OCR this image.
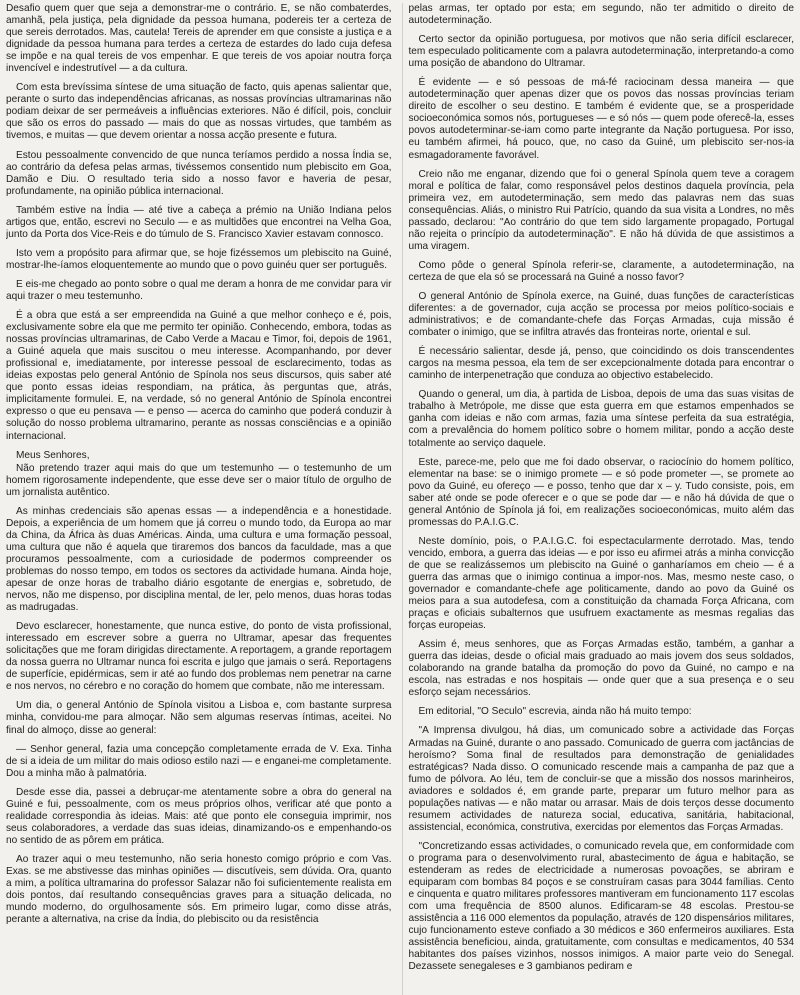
Desafio quem quer que seja a demonstrar-me o contrário. E, se não combaterdes, amanhã, pela justiça, pela dignidade da pessoa humana, podereis ter a certeza de que sereis derrotados. Mas, cautela! Tereis de aprender em que consiste a justiça e a dignidade da pessoa humana para terdes a certeza de estardes do lado cuja defesa se impõe e na qual tereis de vos empenhar. E que tereis de vos apoiar noutra força invencível e indestrutível — a da cultura.

Com esta brevíssima síntese de uma situação de facto, quis apenas salientar que, perante o surto das independências africanas, as nossas províncias ultramarinas não podiam deixar de ser permeáveis a influências exteriores. Não é difícil, pois, concluir que são os erros do passado — mais do que as nossas virtudes, que também as tivemos, e muitas — que devem orientar a nossa acção presente e futura.

Estou pessoalmente convencido de que nunca teríamos perdido a nossa Índia se, ao contrário da defesa pelas armas, tivéssemos consentido num plebiscito em Goa, Damão e Diu. O resultado teria sido a nosso favor e haveria de pesar, profundamente, na opinião pública internacional.

Também estive na Índia — até tive a cabeça a prémio na União Indiana pelos artigos que, então, escrevi no Seculo — e as multidões que encontrei na Velha Goa, junto da Porta dos Vice-Reis e do túmulo de S. Francisco Xavier estavam connosco.

Isto vem a propósito para afirmar que, se hoje fizéssemos um plebiscito na Guiné, mostrar-lhe-íamos eloquentemente ao mundo que o povo guinéu quer ser português.

E eis-me chegado ao ponto sobre o qual me deram a honra de me convidar para vir aqui trazer o meu testemunho.

É a obra que está a ser empreendida na Guiné a que melhor conheço e é, pois, exclusivamente sobre ela que me permito ter opinião. Conhecendo, embora, todas as nossas províncias ultramarinas, de Cabo Verde a Macau e Timor, foi, depois de 1961, a Guiné aquela que mais suscitou o meu interesse. Acompanhando, por dever profissional e, imediatamente, por interesse pessoal de esclarecimento, todas as ideias expostas pelo general António de Spínola nos seus discursos, quis saber até que ponto essas ideias respondiam, na prática, às perguntas que, atrás, implicitamente formulei. E, na verdade, só no general António de Spínola encontrei expresso o que eu pensava — e penso — acerca do caminho que poderá conduzir à solução do nosso problema ultramarino, perante as nossas consciências e a opinião internacional.

Meus Senhores,

Não pretendo trazer aqui mais do que um testemunho — o testemunho de um homem rigorosamente independente, que esse deve ser o maior título de orgulho de um jornalista autêntico.

As minhas credenciais são apenas essas — a independência e a honestidade. Depois, a experiência de um homem que já correu o mundo todo, da Europa ao mar da China, da África às duas Américas. Ainda, uma cultura e uma formação pessoal, uma cultura que não é aquela que tiraremos dos bancos da faculdade, mas a que procuramos pessoalmente, com a curiosidade de podermos compreender os problemas do nosso tempo, em todos os sectores da actividade humana. Ainda hoje, apesar de onze horas de trabalho diário esgotante de energias e, sobretudo, de nervos, não me dispenso, por disciplina mental, de ler, pelo menos, duas horas todas as madrugadas.

Devo esclarecer, honestamente, que nunca estive, do ponto de vista profissional, interessado em escrever sobre a guerra no Ultramar, apesar das frequentes solicitações que me foram dirigidas directamente. A reportagem, a grande reportagem da nossa guerra no Ultramar nunca foi escrita e julgo que jamais o será. Reportagens de superfície, epidérmicas, sem ir até ao fundo dos problemas nem penetrar na carne e nos nervos, no cérebro e no coração do homem que combate, não me interessam.

Um dia, o general António de Spínola visitou a Lisboa e, com bastante surpresa minha, convidou-me para almoçar. Não sem algumas reservas íntimas, aceitei. No final do almoço, disse ao general:

— Senhor general, fazia uma concepção completamente errada de V. Exa. Tinha de si a ideia de um militar do mais odioso estilo nazi — e enganei-me completamente. Dou a minha mão à palmatória.

Desde esse dia, passei a debruçar-me atentamente sobre a obra do general na Guiné e fui, pessoalmente, com os meus próprios olhos, verificar até que ponto a realidade correspondia às ideias. Mais: até que ponto ele conseguia imprimir, nos seus colaboradores, a verdade das suas ideias, dinamizando-os e empenhando-os no sentido de as pôrem em prática.

Ao trazer aqui o meu testemunho, não seria honesto comigo próprio e com Vas. Exas. se me abstivesse das minhas opiniões — discutíveis, sem dúvida. Ora, quanto a mim, a política ultramarina do professor Salazar não foi suficientemente realista em dois pontos, daí resultando consequências graves para a situação delicada, no mundo moderno, do orgulhosamente sós. Em primeiro lugar, como disse atrás, perante a alternativa, na crise da Índia, do plebiscito ou da resistência

pelas armas, ter optado por esta; em segundo, não ter admitido o direito de autodeterminação.

Certo sector da opinião portuguesa, por motivos que não seria difícil esclarecer, tem especulado politicamente com a palavra autodeterminação, interpretando-a como uma posição de abandono do Ultramar.

É evidente — e só pessoas de má-fé raciocinam dessa maneira — que autodeterminação quer apenas dizer que os povos das nossas províncias teriam direito de escolher o seu destino. E também é evidente que, se a prosperidade socioeconómica somos nós, portugueses — e só nós — quem pode oferecê-la, esses povos autodeterminar-se-iam como parte integrante da Nação portuguesa. Por isso, eu também afirmei, há pouco, que, no caso da Guiné, um plebiscito ser-nos-ia esmagadoramente favorável.

Creio não me enganar, dizendo que foi o general Spínola quem teve a coragem moral e política de falar, como responsável pelos destinos daquela província, pela primeira vez, em autodeterminação, sem medo das palavras nem das suas consequências. Aliás, o ministro Rui Patrício, quando da sua visita a Londres, no mês passado, declarou: "Ao contrário do que tem sido largamente propagado, Portugal não rejeita o princípio da autodeterminação". E não há dúvida de que assistimos a uma viragem.

Como pôde o general Spínola referir-se, claramente, a autodeterminação, na certeza de que ela só se processará na Guiné a nosso favor?

O general António de Spínola exerce, na Guiné, duas funções de características diferentes: a de governador, cuja acção se processa por meios político-sociais e administrativos; e de comandante-chefe das Forças Armadas, cuja missão é combater o inimigo, que se infiltra através das fronteiras norte, oriental e sul.

É necessário salientar, desde já, penso, que coincidindo os dois transcendentes cargos na mesma pessoa, ela tem de ser excepcionalmente dotada para encontrar o caminho de interpenetração que conduza ao objectivo estabelecido.

Quando o general, um dia, à partida de Lisboa, depois de uma das suas visitas de trabalho à Metrópole, me disse que esta guerra em que estamos empenhados se ganha com ideias e não com armas, fazia uma síntese perfeita da sua estratégia, com a prevalência do homem político sobre o homem militar, pondo a acção deste totalmente ao serviço daquele.

Este, parece-me, pelo que me foi dado observar, o raciocínio do homem político, elementar na base: se o inimigo promete — e só pode prometer —, se promete ao povo da Guiné, eu ofereço — e posso, tenho que dar x – y. Tudo consiste, pois, em saber até onde se pode oferecer e o que se pode dar — e não há dúvida de que o general António de Spínola já foi, em realizações socioeconómicas, muito além das promessas do P.A.I.G.C.

Neste domínio, pois, o P.A.I.G.C. foi espectacularmente derrotado. Mas, tendo vencido, embora, a guerra das ideias — e por isso eu afirmei atrás a minha convicção de que se realizássemos um plebiscito na Guiné o ganharíamos em cheio — é a guerra das armas que o inimigo continua a impor-nos. Mas, mesmo neste caso, o governador e comandante-chefe age politicamente, dando ao povo da Guiné os meios para a sua autodefesa, com a constituição da chamada Força Africana, com praças e oficiais subalternos que usufruem exactamente as mesmas regalias das forças europeias.

Assim é, meus senhores, que as Forças Armadas estão, também, a ganhar a guerra das ideias, desde o oficial mais graduado ao mais jovem dos seus soldados, colaborando na grande batalha da promoção do povo da Guiné, no campo e na escola, nas estradas e nos hospitais — onde quer que a sua presença e o seu esforço sejam necessários.

Em editorial, "O Seculo" escrevia, ainda não há muito tempo:

"A Imprensa divulgou, há dias, um comunicado sobre a actividade das Forças Armadas na Guiné, durante o ano passado. Comunicado de guerra com jactâncias de heroísmo? Soma final de resultados para demonstração de genialidades estratégicas? Nada disso. O comunicado rescende mais a campanha de paz que a fumo de pólvora. Ao léu, tem de concluir-se que a missão dos nossos marinheiros, aviadores e soldados é, em grande parte, preparar um futuro melhor para as populações nativas — e não matar ou arrasar. Mais de dois terços desse documento resumem actividades de natureza social, educativa, sanitária, habitacional, assistencial, económica, construtiva, exercidas por elementos das Forças Armadas.

"Concretizando essas actividades, o comunicado revela que, em conformidade com o programa para o desenvolvimento rural, abastecimento de água e habitação, se estenderam as redes de electricidade a numerosas povoações, se abriram e equiparam com bombas 84 poços e se construíram casas para 3044 famílias. Cento e cinquenta e quatro militares professores mantiveram em funcionamento 117 escolas com uma frequência de 8500 alunos. Edificaram-se 48 escolas. Prestou-se assistência a 116 000 elementos da população, através de 120 dispensários militares, cujo funcionamento esteve confiado a 30 médicos e 360 enfermeiros auxiliares. Esta assistência beneficiou, ainda, gratuitamente, com consultas e medicamentos, 40 534 habitantes dos países vizinhos, nossos inimigos. A maior parte veio do Senegal. Dezassete senegaleses e 3 gambianos pediram e
